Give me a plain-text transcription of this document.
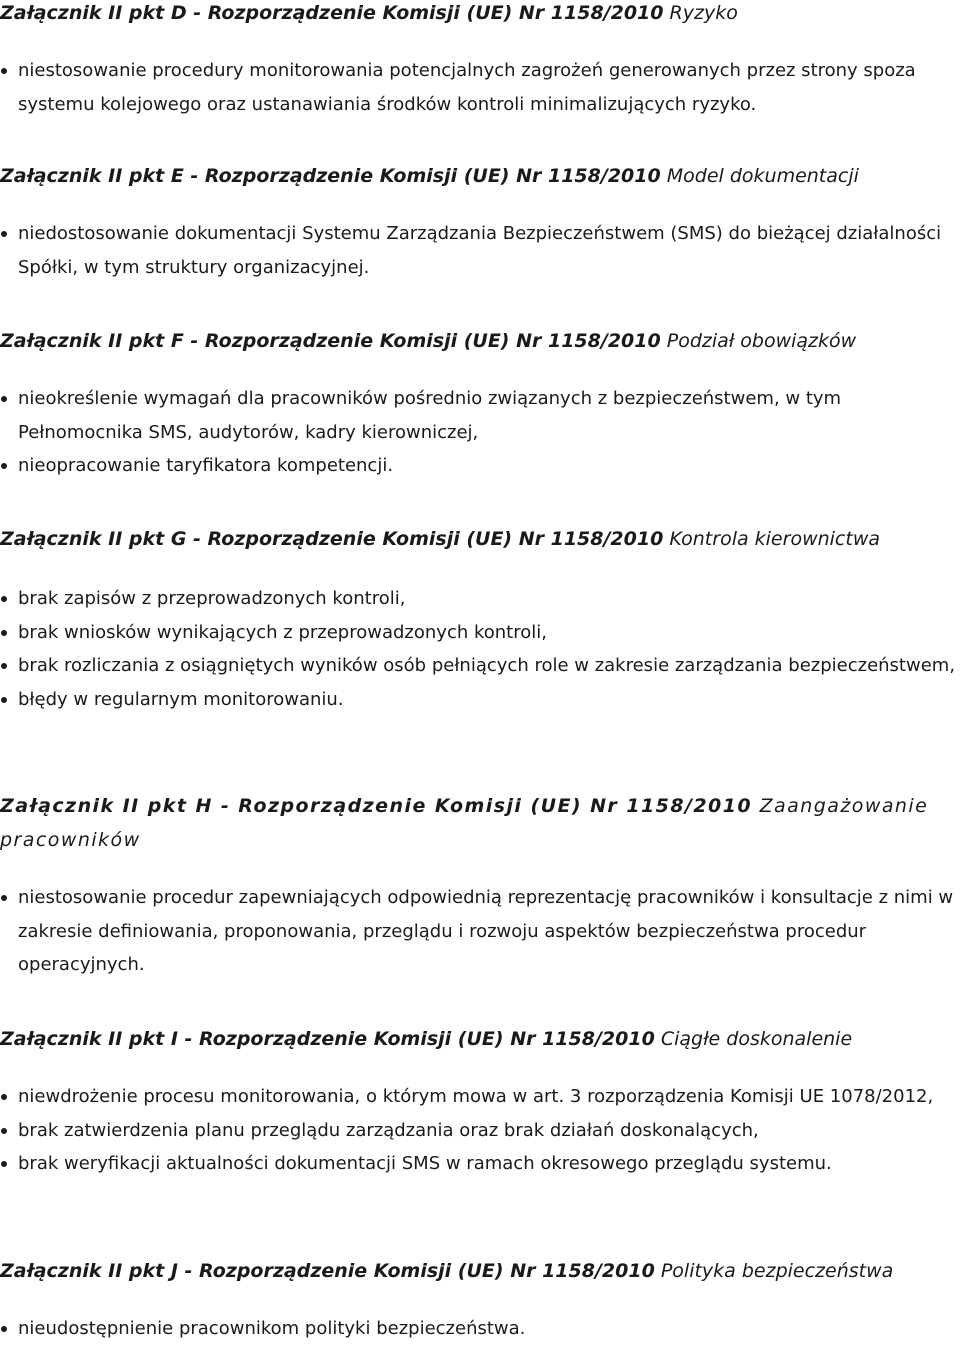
Załącznik II pkt D - Rozporządzenie Komisji (UE) Nr 1158/2010 Ryzyko
niestosowanie procedury monitorowania potencjalnych zagrożeń generowanych przez strony spoza systemu kolejowego oraz ustanawiania środków kontroli minimalizujących ryzyko.
Załącznik II pkt E - Rozporządzenie Komisji (UE) Nr 1158/2010 Model dokumentacji
niedostosowanie dokumentacji Systemu Zarządzania Bezpieczeństwem (SMS) do bieżącej działalności Spółki, w tym struktury organizacyjnej.
Załącznik II pkt F - Rozporządzenie Komisji (UE) Nr 1158/2010 Podział obowiązków
nieokreślenie wymagań dla pracowników pośrednio związanych z bezpieczeństwem, w tym Pełnomocnika SMS, audytorów, kadry kierowniczej,
nieopracowanie taryfikatora kompetencji.
Załącznik II pkt G - Rozporządzenie Komisji (UE) Nr 1158/2010 Kontrola kierownictwa
brak zapisów z przeprowadzonych kontroli,
brak wniosków wynikających z przeprowadzonych kontroli,
brak rozliczania z osiągniętych wyników osób pełniących role w zakresie zarządzania bezpieczeństwem,
błędy w regularnym monitorowaniu.
Załącznik II pkt H - Rozporządzenie Komisji (UE) Nr 1158/2010 Zaangażowanie pracowników
niestosowanie procedur zapewniających odpowiednią reprezentację pracowników i konsultacje z nimi w zakresie definiowania, proponowania, przeglądu i rozwoju aspektów bezpieczeństwa procedur operacyjnych.
Załącznik II pkt I - Rozporządzenie Komisji (UE) Nr 1158/2010 Ciągłe doskonalenie
niewdrożenie procesu monitorowania, o którym mowa w art. 3 rozporządzenia Komisji UE 1078/2012,
brak zatwierdzenia planu przeglądu zarządzania oraz brak działań doskonalących,
brak weryfikacji aktualności dokumentacji SMS w ramach okresowego przeglądu systemu.
Załącznik II pkt J - Rozporządzenie Komisji (UE) Nr 1158/2010 Polityka bezpieczeństwa
nieudostępnienie pracownikom polityki bezpieczeństwa.
